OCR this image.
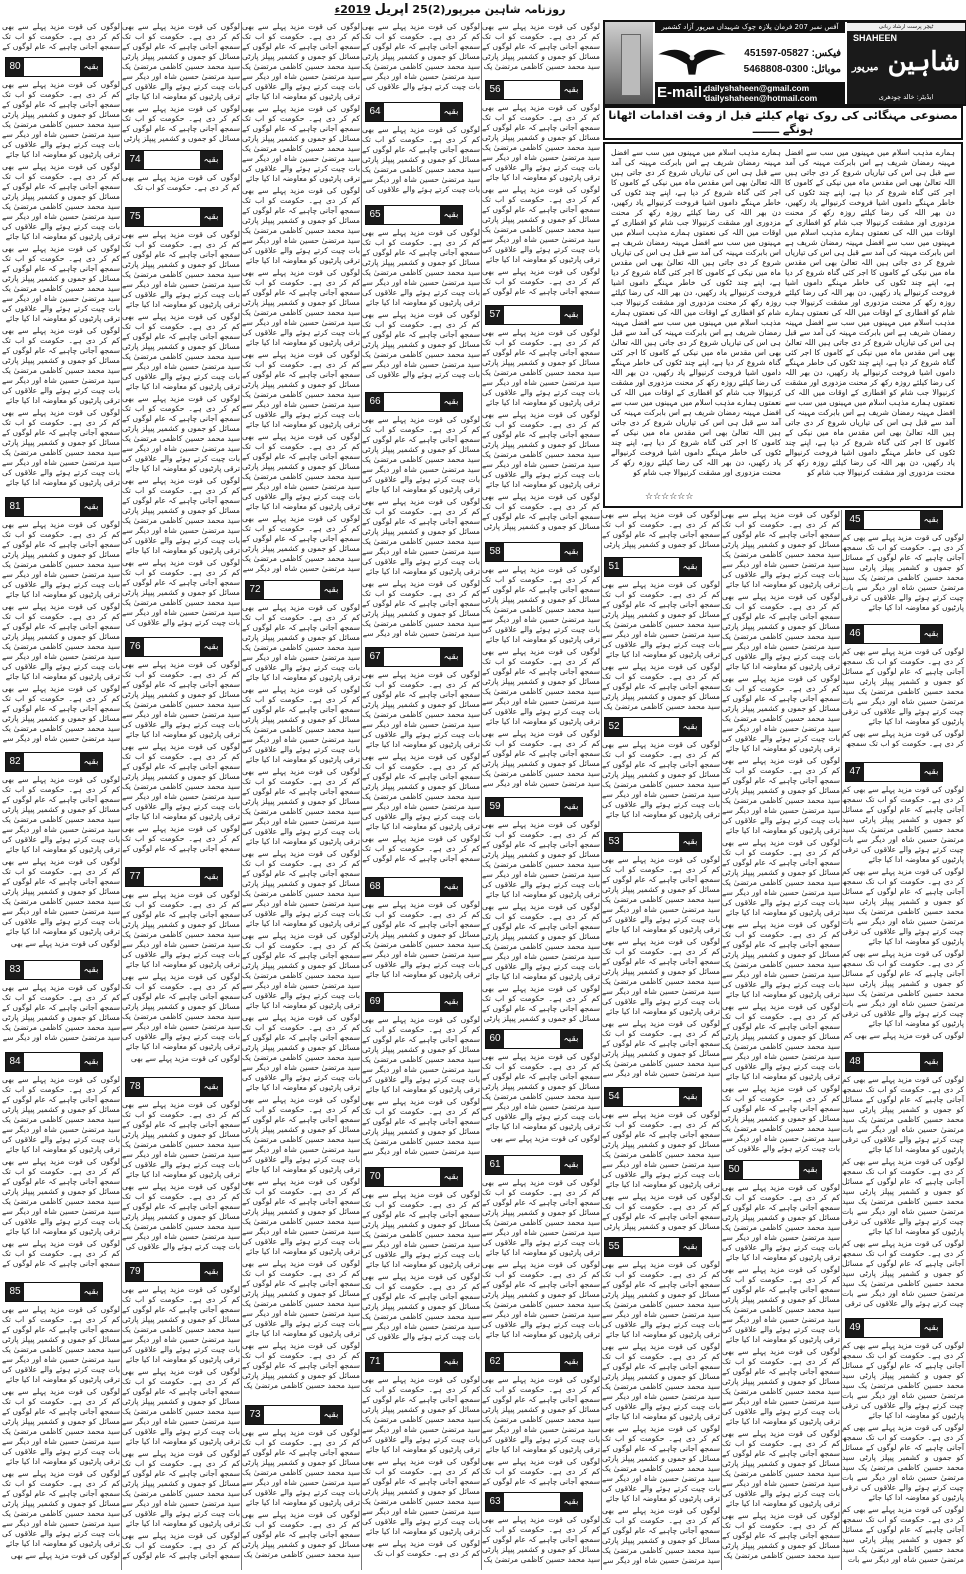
روزنامہ شاہین میرپور(2)25 اپریل 2019ء
ٹیچر پرست ارشاد ربانی
SHAHEEN
شاہین میرپور
ایڈیٹر: خالد چودھری
آفس نمبر 207 فرمان پلازہ چوک شہیداں میرپور آزاد کشمیر
فیکس: 05827-451597
موبائل: 0300-5468808
E-mail:
dailyshaheen@gmail.com
dailyshaheen@hotmail.com
مصنوعی مہنگائی کی روک تھام کیلئے قبل از وقت اقدامات اٹھانا ہونگے ـــــــ
ہمارے مذہب اسلام میں مہینوں میں سب سے افضل مہینہ رمضان شریف ہے اس بابرکت مہینہ کی آمد سے قبل ہی اس کی تیاریاں شروع کر دی جاتی ہیں اللہ تعالیٰ بھی اس مقدس ماہ میں نیکی کے کاموں کا اجر کئی گناہ شروع کر دیا ہے، اپنے چند ٹکوں کی خاطر مہنگے داموں اشیا فروخت کرنیوالے یاد رکھیں، دن بھر اللہ کی رضا کیلئے روزہ رکھ کر محنت مزدوری اور مشقت کرنیوالا جب شام کو افطاری کے اوقات میں اللہ کی نعمتوں ہمارے مذہب اسلام میں مہینوں میں سب سے افضل مہینہ رمضان شریف ہے اس بابرکت مہینہ کی آمد سے قبل ہی اس کی تیاریاں شروع کر دی جاتی ہیں اللہ تعالیٰ بھی اس مقدس ماہ میں نیکی کے کاموں کا اجر کئی گناہ شروع کر دیا ہے، اپنے چند ٹکوں کی خاطر مہنگے داموں اشیا فروخت کرنیوالے یاد رکھیں، دن بھر اللہ کی رضا کیلئے روزہ رکھ کر محنت مزدوری اور مشقت کرنیوالا جب شام کو افطاری کے اوقات میں اللہ کی نعمتوں ہمارے مذہب اسلام میں مہینوں میں سب سے افضل مہینہ رمضان شریف ہے اس بابرکت مہینہ کی آمد سے قبل ہی اس کی تیاریاں شروع کر دی جاتی ہیں اللہ تعالیٰ بھی اس مقدس ماہ میں نیکی کے کاموں کا اجر کئی گناہ شروع کر دیا ہے، اپنے چند ٹکوں کی خاطر مہنگے داموں اشیا فروخت کرنیوالے یاد رکھیں، دن بھر اللہ کی رضا کیلئے روزہ رکھ کر محنت مزدوری اور مشقت کرنیوالا جب شام کو افطاری کے اوقات میں اللہ کی نعمتوں ہمارے مذہب اسلام میں مہینوں میں سب سے افضل مہینہ رمضان شریف ہے اس بابرکت مہینہ کی آمد سے قبل ہی اس کی تیاریاں شروع کر دی جاتی ہیں اللہ تعالیٰ بھی اس مقدس ماہ میں نیکی کے کاموں کا اجر کئی گناہ شروع کر دیا ہے، اپنے چند ٹکوں کی خاطر مہنگے داموں اشیا فروخت کرنیوالے یاد رکھیں، دن بھر اللہ کی رضا کیلئے روزہ رکھ کر محنت مزدوری اور مشقت کرنیوالا جب شام کو
ہمارے مذہب اسلام میں مہینوں میں سب سے افضل مہینہ رمضان شریف ہے اس بابرکت مہینہ کی آمد سے قبل ہی اس کی تیاریاں شروع کر دی جاتی ہیں اللہ تعالیٰ بھی اس مقدس ماہ میں نیکی کے کاموں کا اجر کئی گناہ شروع کر دیا ہے، اپنے چند ٹکوں کی خاطر مہنگے داموں اشیا فروخت کرنیوالے یاد رکھیں، دن بھر اللہ کی رضا کیلئے روزہ رکھ کر محنت مزدوری اور مشقت کرنیوالا جب شام کو افطاری کے اوقات میں اللہ کی نعمتوں ہمارے مذہب اسلام میں مہینوں میں سب سے افضل مہینہ رمضان شریف ہے اس بابرکت مہینہ کی آمد سے قبل ہی اس کی تیاریاں شروع کر دی جاتی ہیں اللہ تعالیٰ بھی اس مقدس ماہ میں نیکی کے کاموں کا اجر کئی گناہ شروع کر دیا ہے، اپنے چند ٹکوں کی خاطر مہنگے داموں اشیا فروخت کرنیوالے یاد رکھیں، دن بھر اللہ کی رضا کیلئے روزہ رکھ کر محنت مزدوری اور مشقت کرنیوالا جب شام کو افطاری کے اوقات میں اللہ کی نعمتوں ہمارے مذہب اسلام میں مہینوں میں سب سے افضل مہینہ رمضان شریف ہے اس بابرکت مہینہ کی آمد سے قبل ہی اس کی تیاریاں شروع کر دی جاتی ہیں اللہ تعالیٰ بھی اس مقدس ماہ میں نیکی کے کاموں کا اجر کئی گناہ شروع کر دیا ہے، اپنے چند ٹکوں کی خاطر مہنگے داموں اشیا فروخت کرنیوالے یاد رکھیں، دن بھر اللہ کی رضا کیلئے روزہ رکھ کر محنت مزدوری اور مشقت کرنیوالا جب شام کو افطاری کے اوقات میں اللہ کی نعمتوں ہمارے مذہب اسلام میں مہینوں میں سب سے افضل مہینہ رمضان شریف ہے اس بابرکت مہینہ کی آمد سے قبل ہی اس کی تیاریاں شروع کر دی جاتی ہیں اللہ تعالیٰ بھی اس مقدس ماہ میں نیکی کے کاموں کا اجر کئی گناہ شروع کر دیا ہے، اپنے چند ٹکوں کی خاطر مہنگے داموں اشیا فروخت کرنیوالے یاد رکھیں، دن بھر اللہ کی رضا کیلئے روزہ رکھ کر محنت مزدوری اور مشقت کرنیوالا جب شام کو
☆☆☆☆☆☆

لوگوں کی قوت مزید پہلے سے بھی کم کر دی ہے۔ حکومت کو اب تک سمجھ آجانی چاہیے کہ عام لوگوں کے مسائل کو جموں و کشمیر پیپلز پارٹی سید محمد حسین کاظمی مرتضیٰ یک سید مرتضیٰ حسین شاہ اور دیگر سے بات چیت کرتے ہوئے والے علاقوں کی ترقی پارٹیوں کو معاوضہ ادا کیا جائے

لوگوں کی قوت مزید پہلے سے بھی کم کر دی ہے۔ حکومت کو اب تک سمجھ آجانی چاہیے کہ عام لوگوں کے مسائل کو جموں و کشمیر پیپلز پارٹی سید محمد حسین کاظمی مرتضیٰ یک سید مرتضیٰ حسین شاہ اور دیگر سے بات چیت کرتے ہوئے والے علاقوں کی ترقی پارٹیوں کو معاوضہ ادا کیا جائے

لوگوں کی قوت مزید پہلے سے بھی کم کر دی ہے۔ حکومت کو اب تک سمجھ

لوگوں کی قوت مزید پہلے سے بھی کم کر دی ہے۔ حکومت کو اب تک سمجھ آجانی چاہیے کہ عام لوگوں کے مسائل کو جموں و کشمیر پیپلز پارٹی سید محمد حسین کاظمی مرتضیٰ یک سید مرتضیٰ حسین شاہ اور دیگر سے بات چیت کرتے ہوئے والے علاقوں کی ترقی پارٹیوں کو معاوضہ ادا کیا جائے

لوگوں کی قوت مزید پہلے سے بھی کم کر دی ہے۔ حکومت کو اب تک سمجھ آجانی چاہیے کہ عام لوگوں کے مسائل کو جموں و کشمیر پیپلز پارٹی سید محمد حسین کاظمی مرتضیٰ یک سید مرتضیٰ حسین شاہ اور دیگر سے بات چیت کرتے ہوئے والے علاقوں کی ترقی پارٹیوں کو معاوضہ ادا کیا جائے

لوگوں کی قوت مزید پہلے سے بھی کم کر دی ہے۔ حکومت کو اب تک سمجھ آجانی چاہیے کہ عام لوگوں کے مسائل کو جموں و کشمیر پیپلز پارٹی سید محمد حسین کاظمی مرتضیٰ یک سید مرتضیٰ حسین شاہ اور دیگر سے بات چیت کرتے ہوئے والے علاقوں کی ترقی پارٹیوں کو معاوضہ ادا کیا جائے

لوگوں کی قوت مزید پہلے سے بھی کم

لوگوں کی قوت مزید پہلے سے بھی کم کر دی ہے۔ حکومت کو اب تک سمجھ آجانی چاہیے کہ عام لوگوں کے مسائل کو جموں و کشمیر پیپلز پارٹی سید محمد حسین کاظمی مرتضیٰ یک سید مرتضیٰ حسین شاہ اور دیگر سے بات چیت کرتے ہوئے والے علاقوں کی ترقی پارٹیوں کو معاوضہ ادا کیا جائے

لوگوں کی قوت مزید پہلے سے بھی کم کر دی ہے۔ حکومت کو اب تک سمجھ آجانی چاہیے کہ عام لوگوں کے مسائل کو جموں و کشمیر پیپلز پارٹی سید محمد حسین کاظمی مرتضیٰ یک سید مرتضیٰ حسین شاہ اور دیگر سے بات چیت کرتے ہوئے والے علاقوں کی ترقی پارٹیوں کو معاوضہ ادا کیا جائے

لوگوں کی قوت مزید پہلے سے بھی کم کر دی ہے۔ حکومت کو اب تک سمجھ آجانی چاہیے کہ عام لوگوں کے مسائل کو جموں و کشمیر پیپلز پارٹی سید محمد حسین کاظمی مرتضیٰ یک سید مرتضیٰ حسین شاہ اور دیگر سے بات چیت کرتے ہوئے والے علاقوں کی ترقی

لوگوں کی قوت مزید پہلے سے بھی کم کر دی ہے۔ حکومت کو اب تک سمجھ آجانی چاہیے کہ عام لوگوں کے مسائل کو جموں و کشمیر پیپلز پارٹی سید محمد حسین کاظمی مرتضیٰ یک سید مرتضیٰ حسین شاہ اور دیگر سے بات چیت کرتے ہوئے والے علاقوں کی ترقی پارٹیوں کو معاوضہ ادا کیا جائے

لوگوں کی قوت مزید پہلے سے بھی کم کر دی ہے۔ حکومت کو اب تک سمجھ آجانی چاہیے کہ عام لوگوں کے مسائل کو جموں و کشمیر پیپلز پارٹی سید محمد حسین کاظمی مرتضیٰ یک سید مرتضیٰ حسین شاہ اور دیگر سے بات چیت کرتے ہوئے والے علاقوں کی ترقی پارٹیوں کو معاوضہ ادا کیا جائے

لوگوں کی قوت مزید پہلے سے بھی کم کر دی ہے۔ حکومت کو اب تک سمجھ آجانی چاہیے کہ عام لوگوں کے مسائل کو جموں و کشمیر پیپلز پارٹی سید محمد حسین کاظمی مرتضیٰ یک سید مرتضیٰ حسین شاہ اور دیگر سے بات

45	بقیہ
46	بقیہ
47	بقیہ
48	بقیہ
49	بقیہ

لوگوں کی قوت مزید پہلے سے بھی کم کر دی ہے۔ حکومت کو اب تک سمجھ آجانی چاہیے کہ عام لوگوں کے مسائل کو جموں و کشمیر پیپلز پارٹی سید محمد حسین کاظمی مرتضیٰ یک سید مرتضیٰ حسین شاہ اور دیگر سے بات چیت کرتے ہوئے والے علاقوں کی ترقی پارٹیوں کو معاوضہ ادا کیا جائے

لوگوں کی قوت مزید پہلے سے بھی کم کر دی ہے۔ حکومت کو اب تک سمجھ آجانی چاہیے کہ عام لوگوں کے مسائل کو جموں و کشمیر پیپلز پارٹی سید محمد حسین کاظمی مرتضیٰ یک سید مرتضیٰ حسین شاہ اور دیگر سے بات چیت کرتے ہوئے والے علاقوں کی ترقی پارٹیوں کو معاوضہ ادا کیا جائے

لوگوں کی قوت مزید پہلے سے بھی کم کر دی ہے۔ حکومت کو اب تک سمجھ آجانی چاہیے کہ عام لوگوں کے مسائل کو جموں و کشمیر پیپلز پارٹی سید محمد حسین کاظمی مرتضیٰ یک سید مرتضیٰ حسین شاہ اور دیگر سے بات چیت کرتے ہوئے والے علاقوں کی ترقی پارٹیوں کو معاوضہ ادا کیا جائے

لوگوں کی قوت مزید پہلے سے بھی کم کر دی ہے۔ حکومت کو اب تک سمجھ آجانی چاہیے کہ عام لوگوں کے مسائل کو جموں و کشمیر پیپلز پارٹی سید محمد حسین کاظمی مرتضیٰ یک سید مرتضیٰ حسین شاہ اور دیگر سے بات چیت کرتے ہوئے والے علاقوں کی ترقی پارٹیوں کو معاوضہ ادا کیا جائے

لوگوں کی قوت مزید پہلے سے بھی کم کر دی ہے۔ حکومت کو اب تک سمجھ آجانی چاہیے کہ عام لوگوں کے مسائل کو جموں و کشمیر پیپلز پارٹی سید محمد حسین کاظمی مرتضیٰ یک سید مرتضیٰ حسین شاہ اور دیگر سے بات چیت کرتے ہوئے والے علاقوں کی ترقی پارٹیوں کو معاوضہ ادا کیا جائے

لوگوں کی قوت مزید پہلے سے بھی کم کر دی ہے۔ حکومت کو اب تک سمجھ آجانی چاہیے کہ عام لوگوں کے مسائل کو جموں و کشمیر پیپلز پارٹی سید محمد حسین کاظمی مرتضیٰ یک سید مرتضیٰ حسین شاہ اور دیگر سے بات چیت کرتے ہوئے والے علاقوں کی ترقی پارٹیوں کو معاوضہ ادا کیا جائے

لوگوں کی قوت مزید پہلے سے بھی کم کر دی ہے۔ حکومت کو اب تک سمجھ آجانی چاہیے کہ عام لوگوں کے مسائل کو جموں و کشمیر پیپلز پارٹی سید محمد حسین کاظمی مرتضیٰ یک سید مرتضیٰ حسین شاہ اور دیگر سے بات چیت کرتے ہوئے والے علاقوں کی ترقی پارٹیوں کو معاوضہ ادا کیا جائے

لوگوں کی قوت مزید پہلے سے بھی کم کر دی ہے۔ حکومت کو اب تک سمجھ آجانی چاہیے کہ عام لوگوں کے مسائل کو جموں و کشمیر پیپلز پارٹی سید محمد حسین کاظمی مرتضیٰ یک سید مرتضیٰ حسین شاہ اور دیگر سے بات چیت کرتے ہوئے والے علاقوں کی

لوگوں کی قوت مزید پہلے سے بھی کم کر دی ہے۔ حکومت کو اب تک سمجھ آجانی چاہیے کہ عام لوگوں کے مسائل کو جموں و کشمیر پیپلز پارٹی سید محمد حسین کاظمی مرتضیٰ یک سید مرتضیٰ حسین شاہ اور دیگر سے بات چیت کرتے ہوئے والے علاقوں کی ترقی پارٹیوں کو معاوضہ ادا کیا جائے

لوگوں کی قوت مزید پہلے سے بھی کم کر دی ہے۔ حکومت کو اب تک سمجھ آجانی چاہیے کہ عام لوگوں کے مسائل کو جموں و کشمیر پیپلز پارٹی سید محمد حسین کاظمی مرتضیٰ یک سید مرتضیٰ حسین شاہ اور دیگر سے بات چیت کرتے ہوئے والے علاقوں کی ترقی پارٹیوں کو معاوضہ ادا کیا جائے

لوگوں کی قوت مزید پہلے سے بھی کم کر دی ہے۔ حکومت کو اب تک سمجھ آجانی چاہیے کہ عام لوگوں کے مسائل کو جموں و کشمیر پیپلز پارٹی سید محمد حسین کاظمی مرتضیٰ یک سید مرتضیٰ حسین شاہ اور دیگر سے بات چیت کرتے ہوئے والے علاقوں کی ترقی پارٹیوں کو معاوضہ ادا کیا جائے

لوگوں کی قوت مزید پہلے سے بھی کم کر دی ہے۔ حکومت کو اب تک سمجھ آجانی چاہیے کہ عام لوگوں کے مسائل کو جموں و کشمیر پیپلز پارٹی سید محمد حسین کاظمی مرتضیٰ یک سید مرتضیٰ حسین شاہ اور دیگر سے بات چیت کرتے ہوئے والے علاقوں کی ترقی پارٹیوں کو معاوضہ ادا کیا جائے

لوگوں کی قوت مزید پہلے سے بھی کم کر دی ہے۔ حکومت کو اب تک سمجھ آجانی چاہیے کہ عام لوگوں کے مسائل کو جموں و کشمیر پیپلز پارٹی سید محمد حسین کاظمی مرتضیٰ یک

50	بقیہ

لوگوں کی قوت مزید پہلے سے بھی کم کر دی ہے۔ حکومت کو اب تک سمجھ آجانی چاہیے کہ عام لوگوں کے مسائل کو جموں و کشمیر پیپلز پارٹی

لوگوں کی قوت مزید پہلے سے بھی کم کر دی ہے۔ حکومت کو اب تک سمجھ آجانی چاہیے کہ عام لوگوں کے مسائل کو جموں و کشمیر پیپلز پارٹی سید محمد حسین کاظمی مرتضیٰ یک سید مرتضیٰ حسین شاہ اور دیگر سے بات چیت کرتے ہوئے والے علاقوں کی ترقی پارٹیوں کو معاوضہ ادا کیا جائے

لوگوں کی قوت مزید پہلے سے بھی کم کر دی ہے۔ حکومت کو اب تک سمجھ آجانی چاہیے کہ عام لوگوں کے مسائل کو جموں و کشمیر پیپلز پارٹی سید محمد حسین کاظمی مرتضیٰ یک

لوگوں کی قوت مزید پہلے سے بھی کم کر دی ہے۔ حکومت کو اب تک سمجھ آجانی چاہیے کہ عام لوگوں کے مسائل کو جموں و کشمیر پیپلز پارٹی سید محمد حسین کاظمی مرتضیٰ یک سید مرتضیٰ حسین شاہ اور دیگر سے بات چیت کرتے ہوئے والے علاقوں کی ترقی پارٹیوں کو معاوضہ ادا کیا جائے

لوگوں کی قوت مزید پہلے سے بھی کم کر دی ہے۔ حکومت کو اب تک سمجھ آجانی چاہیے کہ عام لوگوں کے مسائل کو جموں و کشمیر پیپلز پارٹی سید محمد حسین کاظمی مرتضیٰ یک سید مرتضیٰ حسین شاہ اور دیگر سے بات چیت کرتے ہوئے والے علاقوں کی ترقی پارٹیوں کو معاوضہ ادا کیا جائے

لوگوں کی قوت مزید پہلے سے بھی کم کر دی ہے۔ حکومت کو اب تک سمجھ آجانی چاہیے کہ عام لوگوں کے مسائل کو جموں و کشمیر پیپلز پارٹی سید محمد حسین کاظمی مرتضیٰ یک سید مرتضیٰ حسین شاہ اور دیگر سے بات چیت کرتے ہوئے والے علاقوں کی ترقی پارٹیوں کو معاوضہ ادا کیا جائے

لوگوں کی قوت مزید پہلے سے بھی کم کر دی ہے۔ حکومت کو اب تک سمجھ آجانی چاہیے کہ عام لوگوں کے مسائل کو جموں و کشمیر پیپلز پارٹی سید محمد حسین کاظمی مرتضیٰ یک سید مرتضیٰ حسین شاہ اور دیگر سے

لوگوں کی قوت مزید پہلے سے بھی کم کر دی ہے۔ حکومت کو اب تک سمجھ آجانی چاہیے کہ عام لوگوں کے مسائل کو جموں و کشمیر پیپلز پارٹی سید محمد حسین کاظمی مرتضیٰ یک سید مرتضیٰ حسین شاہ اور دیگر سے بات چیت کرتے ہوئے والے علاقوں کی ترقی پارٹیوں کو معاوضہ ادا کیا جائے

لوگوں کی قوت مزید پہلے سے بھی کم کر دی ہے۔ حکومت کو اب تک سمجھ آجانی چاہیے کہ عام لوگوں کے مسائل کو جموں و کشمیر پیپلز پارٹی

لوگوں کی قوت مزید پہلے سے بھی کم کر دی ہے۔ حکومت کو اب تک سمجھ آجانی چاہیے کہ عام لوگوں کے مسائل کو جموں و کشمیر پیپلز پارٹی سید محمد حسین کاظمی مرتضیٰ یک سید مرتضیٰ حسین شاہ اور دیگر سے بات چیت کرتے ہوئے والے علاقوں کی ترقی پارٹیوں کو معاوضہ ادا کیا جائے

لوگوں کی قوت مزید پہلے سے بھی کم کر دی ہے۔ حکومت کو اب تک سمجھ آجانی چاہیے کہ عام لوگوں کے مسائل کو جموں و کشمیر پیپلز پارٹی سید محمد حسین کاظمی مرتضیٰ یک سید مرتضیٰ حسین شاہ اور دیگر سے بات چیت کرتے ہوئے والے علاقوں کی ترقی پارٹیوں کو معاوضہ ادا کیا جائے

لوگوں کی قوت مزید پہلے سے بھی کم کر دی ہے۔ حکومت کو اب تک سمجھ آجانی چاہیے کہ عام لوگوں کے مسائل کو جموں و کشمیر پیپلز پارٹی سید محمد حسین کاظمی مرتضیٰ یک سید مرتضیٰ حسین شاہ اور دیگر سے بات چیت کرتے ہوئے والے علاقوں کی ترقی پارٹیوں کو معاوضہ ادا کیا جائے

لوگوں کی قوت مزید پہلے سے بھی کم کر دی ہے۔ حکومت کو اب تک سمجھ آجانی چاہیے کہ عام لوگوں کے مسائل کو جموں و کشمیر پیپلز پارٹی سید محمد حسین کاظمی مرتضیٰ یک سید مرتضیٰ حسین شاہ اور دیگر سے

51	بقیہ
52	بقیہ
53	بقیہ
54	بقیہ
55	بقیہ

لوگوں کی قوت مزید پہلے سے بھی کم کر دی ہے۔ حکومت کو اب تک سمجھ آجانی چاہیے کہ عام لوگوں کے مسائل کو جموں و کشمیر پیپلز پارٹی سید محمد حسین کاظمی مرتضیٰ یک

لوگوں کی قوت مزید پہلے سے بھی کم کر دی ہے۔ حکومت کو اب تک سمجھ آجانی چاہیے کہ عام لوگوں کے مسائل کو جموں و کشمیر پیپلز پارٹی سید محمد حسین کاظمی مرتضیٰ یک سید مرتضیٰ حسین شاہ اور دیگر سے بات چیت کرتے ہوئے والے علاقوں کی ترقی پارٹیوں کو معاوضہ ادا کیا جائے

لوگوں کی قوت مزید پہلے سے بھی کم کر دی ہے۔ حکومت کو اب تک سمجھ آجانی چاہیے کہ عام لوگوں کے مسائل کو جموں و کشمیر پیپلز پارٹی سید محمد حسین کاظمی مرتضیٰ یک سید مرتضیٰ حسین شاہ اور دیگر سے بات چیت کرتے ہوئے والے علاقوں کی ترقی پارٹیوں کو معاوضہ ادا کیا جائے

لوگوں کی قوت مزید پہلے سے بھی کم کر دی ہے۔ حکومت کو اب تک سمجھ آجانی چاہیے کہ عام لوگوں کے

لوگوں کی قوت مزید پہلے سے بھی کم کر دی ہے۔ حکومت کو اب تک سمجھ آجانی چاہیے کہ عام لوگوں کے مسائل کو جموں و کشمیر پیپلز پارٹی سید محمد حسین کاظمی مرتضیٰ یک سید مرتضیٰ حسین شاہ اور دیگر سے بات چیت کرتے ہوئے والے علاقوں کی ترقی پارٹیوں کو معاوضہ ادا کیا جائے

لوگوں کی قوت مزید پہلے سے بھی کم کر دی ہے۔ حکومت کو اب تک سمجھ آجانی چاہیے کہ عام لوگوں کے مسائل کو جموں و کشمیر پیپلز پارٹی سید محمد حسین کاظمی مرتضیٰ یک سید مرتضیٰ حسین شاہ اور دیگر سے بات چیت کرتے ہوئے والے علاقوں کی ترقی پارٹیوں کو معاوضہ ادا کیا جائے

لوگوں کی قوت مزید پہلے سے بھی کم کر دی ہے۔ حکومت کو اب تک سمجھ آجانی چاہیے کہ عام لوگوں کے مسائل کو جموں و کشمیر پیپلز پارٹی

لوگوں کی قوت مزید پہلے سے بھی کم کر دی ہے۔ حکومت کو اب تک سمجھ آجانی چاہیے کہ عام لوگوں کے مسائل کو جموں و کشمیر پیپلز پارٹی سید محمد حسین کاظمی مرتضیٰ یک سید مرتضیٰ حسین شاہ اور دیگر سے بات چیت کرتے ہوئے والے علاقوں کی ترقی پارٹیوں کو معاوضہ ادا کیا جائے

لوگوں کی قوت مزید پہلے سے بھی کم کر دی ہے۔ حکومت کو اب تک سمجھ آجانی چاہیے کہ عام لوگوں کے مسائل کو جموں و کشمیر پیپلز پارٹی سید محمد حسین کاظمی مرتضیٰ یک سید مرتضیٰ حسین شاہ اور دیگر سے بات چیت کرتے ہوئے والے علاقوں کی ترقی پارٹیوں کو معاوضہ ادا کیا جائے

لوگوں کی قوت مزید پہلے سے بھی کم کر دی ہے۔ حکومت کو اب تک سمجھ آجانی چاہیے کہ عام لوگوں کے مسائل کو جموں و کشمیر پیپلز پارٹی سید محمد حسین کاظمی مرتضیٰ یک سید مرتضیٰ حسین شاہ اور دیگر سے

لوگوں کی قوت مزید پہلے سے بھی کم کر دی ہے۔ حکومت کو اب تک سمجھ آجانی چاہیے کہ عام لوگوں کے مسائل کو جموں و کشمیر پیپلز پارٹی سید محمد حسین کاظمی مرتضیٰ یک سید مرتضیٰ حسین شاہ اور دیگر سے بات چیت کرتے ہوئے والے علاقوں کی ترقی پارٹیوں کو معاوضہ ادا کیا جائے

لوگوں کی قوت مزید پہلے سے بھی کم کر دی ہے۔ حکومت کو اب تک سمجھ آجانی چاہیے کہ عام لوگوں کے مسائل کو جموں و کشمیر پیپلز پارٹی سید محمد حسین کاظمی مرتضیٰ یک سید مرتضیٰ حسین شاہ اور دیگر سے بات چیت کرتے ہوئے والے علاقوں کی ترقی پارٹیوں کو معاوضہ ادا کیا جائے

لوگوں کی قوت مزید پہلے سے بھی کم کر دی ہے۔ حکومت کو اب تک سمجھ آجانی چاہیے کہ عام لوگوں کے مسائل کو جموں و کشمیر پیپلز پارٹی

لوگوں کی قوت مزید پہلے سے بھی کم کر دی ہے۔ حکومت کو اب تک سمجھ آجانی چاہیے کہ عام لوگوں کے مسائل کو جموں و کشمیر پیپلز پارٹی سید محمد حسین کاظمی مرتضیٰ یک سید مرتضیٰ حسین شاہ اور دیگر سے بات چیت کرتے ہوئے والے علاقوں کی ترقی پارٹیوں کو معاوضہ ادا کیا جائے

لوگوں کی قوت مزید پہلے سے بھی

لوگوں کی قوت مزید پہلے سے بھی کم کر دی ہے۔ حکومت کو اب تک سمجھ آجانی چاہیے کہ عام لوگوں کے مسائل کو جموں و کشمیر پیپلز پارٹی سید محمد حسین کاظمی مرتضیٰ یک سید مرتضیٰ حسین شاہ اور دیگر سے بات چیت کرتے ہوئے والے علاقوں کی ترقی پارٹیوں کو معاوضہ ادا کیا جائے

لوگوں کی قوت مزید پہلے سے بھی کم کر دی ہے۔ حکومت کو اب تک سمجھ آجانی چاہیے کہ عام لوگوں کے مسائل کو جموں و کشمیر پیپلز پارٹی سید محمد حسین کاظمی مرتضیٰ یک سید مرتضیٰ حسین شاہ اور دیگر سے بات چیت کرتے ہوئے والے علاقوں کی ترقی پارٹیوں کو معاوضہ ادا کیا جائے

لوگوں کی قوت مزید پہلے سے بھی کم کر دی ہے۔ حکومت کو اب تک سمجھ آجانی چاہیے کہ عام لوگوں کے مسائل کو جموں و کشمیر پیپلز پارٹی سید محمد حسین کاظمی مرتضیٰ یک سید مرتضیٰ حسین شاہ اور دیگر سے بات چیت کرتے ہوئے والے علاقوں کی ترقی پارٹیوں کو معاوضہ ادا کیا جائے

لوگوں کی قوت مزید پہلے سے بھی کم کر دی ہے۔ حکومت کو اب تک سمجھ آجانی چاہیے کہ عام لوگوں کے

لوگوں کی قوت مزید پہلے سے بھی کم کر دی ہے۔ حکومت کو اب تک سمجھ آجانی چاہیے کہ عام لوگوں کے مسائل کو جموں و کشمیر پیپلز پارٹی سید محمد حسین کاظمی مرتضیٰ یک

56	بقیہ
57	بقیہ
58	بقیہ
59	بقیہ
60	بقیہ
61	بقیہ
62	بقیہ
63	بقیہ

لوگوں کی قوت مزید پہلے سے بھی کم کر دی ہے۔ حکومت کو اب تک سمجھ آجانی چاہیے کہ عام لوگوں کے مسائل کو جموں و کشمیر پیپلز پارٹی سید محمد حسین کاظمی مرتضیٰ یک سید مرتضیٰ حسین شاہ اور دیگر سے بات چیت کرتے ہوئے والے علاقوں کی

لوگوں کی قوت مزید پہلے سے بھی کم کر دی ہے۔ حکومت کو اب تک سمجھ آجانی چاہیے کہ عام لوگوں کے مسائل کو جموں و کشمیر پیپلز پارٹی سید محمد حسین کاظمی مرتضیٰ یک سید مرتضیٰ حسین شاہ اور دیگر سے بات چیت کرتے ہوئے والے علاقوں کی

لوگوں کی قوت مزید پہلے سے بھی کم کر دی ہے۔ حکومت کو اب تک سمجھ آجانی چاہیے کہ عام لوگوں کے مسائل کو جموں و کشمیر پیپلز پارٹی سید محمد حسین کاظمی مرتضیٰ یک سید مرتضیٰ حسین شاہ اور دیگر سے بات چیت کرتے ہوئے والے علاقوں کی ترقی پارٹیوں کو معاوضہ ادا کیا جائے

لوگوں کی قوت مزید پہلے سے بھی کم کر دی ہے۔ حکومت کو اب تک سمجھ آجانی چاہیے کہ عام لوگوں کے مسائل کو جموں و کشمیر پیپلز پارٹی سید محمد حسین کاظمی مرتضیٰ یک سید مرتضیٰ حسین شاہ اور دیگر سے بات چیت کرتے ہوئے والے علاقوں کی

لوگوں کی قوت مزید پہلے سے بھی کم کر دی ہے۔ حکومت کو اب تک سمجھ آجانی چاہیے کہ عام لوگوں کے مسائل کو جموں و کشمیر پیپلز پارٹی سید محمد حسین کاظمی مرتضیٰ یک سید مرتضیٰ حسین شاہ اور دیگر سے بات چیت کرتے ہوئے والے علاقوں کی ترقی پارٹیوں کو معاوضہ ادا کیا جائے

لوگوں کی قوت مزید پہلے سے بھی کم کر دی ہے۔ حکومت کو اب تک سمجھ آجانی چاہیے کہ عام لوگوں کے مسائل کو جموں و کشمیر پیپلز پارٹی سید محمد حسین کاظمی مرتضیٰ یک سید مرتضیٰ حسین شاہ اور دیگر سے بات چیت کرتے ہوئے والے علاقوں کی ترقی پارٹیوں کو معاوضہ ادا کیا جائے

لوگوں کی قوت مزید پہلے سے بھی کم کر دی ہے۔ حکومت کو اب تک سمجھ آجانی چاہیے کہ عام لوگوں کے مسائل کو جموں و کشمیر پیپلز پارٹی سید محمد حسین کاظمی مرتضیٰ یک سید مرتضیٰ حسین شاہ اور دیگر سے

لوگوں کی قوت مزید پہلے سے بھی کم کر دی ہے۔ حکومت کو اب تک سمجھ آجانی چاہیے کہ عام لوگوں کے مسائل کو جموں و کشمیر پیپلز پارٹی سید محمد حسین کاظمی مرتضیٰ یک سید مرتضیٰ حسین شاہ اور دیگر سے بات چیت کرتے ہوئے والے علاقوں کی ترقی پارٹیوں کو معاوضہ ادا کیا جائے

لوگوں کی قوت مزید پہلے سے بھی کم کر دی ہے۔ حکومت کو اب تک سمجھ آجانی چاہیے کہ عام لوگوں کے مسائل کو جموں و کشمیر پیپلز پارٹی سید محمد حسین کاظمی مرتضیٰ یک سید مرتضیٰ حسین شاہ اور دیگر سے بات چیت کرتے ہوئے والے علاقوں کی ترقی پارٹیوں کو معاوضہ ادا کیا جائے

لوگوں کی قوت مزید پہلے سے بھی کم کر دی ہے۔ حکومت کو اب تک سمجھ آجانی چاہیے کہ عام لوگوں کے

لوگوں کی قوت مزید پہلے سے بھی کم کر دی ہے۔ حکومت کو اب تک سمجھ آجانی چاہیے کہ عام لوگوں کے مسائل کو جموں و کشمیر پیپلز پارٹی سید محمد حسین کاظمی مرتضیٰ یک سید مرتضیٰ حسین شاہ اور دیگر سے بات چیت کرتے ہوئے والے علاقوں کی ترقی پارٹیوں کو معاوضہ ادا کیا جائے

لوگوں کی قوت مزید پہلے سے بھی کم کر دی ہے۔ حکومت کو اب تک سمجھ آجانی چاہیے کہ عام لوگوں کے مسائل کو جموں و کشمیر پیپلز پارٹی سید محمد حسین کاظمی مرتضیٰ یک سید مرتضیٰ حسین شاہ اور دیگر سے بات چیت کرتے ہوئے والے علاقوں کی ترقی پارٹیوں کو معاوضہ ادا کیا جائے

لوگوں کی قوت مزید پہلے سے بھی کم کر دی ہے۔ حکومت کو اب تک سمجھ آجانی چاہیے کہ عام لوگوں کے مسائل کو جموں و کشمیر پیپلز پارٹی سید محمد حسین کاظمی مرتضیٰ یک سید مرتضیٰ حسین شاہ اور دیگر سے

لوگوں کی قوت مزید پہلے سے بھی کم کر دی ہے۔ حکومت کو اب تک سمجھ آجانی چاہیے کہ عام لوگوں کے مسائل کو جموں و کشمیر پیپلز پارٹی سید محمد حسین کاظمی مرتضیٰ یک سید مرتضیٰ حسین شاہ اور دیگر سے بات چیت کرتے ہوئے والے علاقوں کی ترقی پارٹیوں کو معاوضہ ادا کیا جائے

لوگوں کی قوت مزید پہلے سے بھی کم کر دی ہے۔ حکومت کو اب تک سمجھ آجانی چاہیے کہ عام لوگوں کے مسائل کو جموں و کشمیر پیپلز پارٹی سید محمد حسین کاظمی مرتضیٰ یک سید مرتضیٰ حسین شاہ اور دیگر سے بات چیت کرتے ہوئے والے علاقوں کی

لوگوں کی قوت مزید پہلے سے بھی کم کر دی ہے۔ حکومت کو اب تک سمجھ آجانی چاہیے کہ عام لوگوں کے مسائل کو جموں و کشمیر پیپلز پارٹی سید محمد حسین کاظمی مرتضیٰ یک سید مرتضیٰ حسین شاہ اور دیگر سے بات چیت کرتے ہوئے والے علاقوں کی ترقی پارٹیوں کو معاوضہ ادا کیا جائے

لوگوں کی قوت مزید پہلے سے بھی کم کر دی ہے۔ حکومت کو اب تک سمجھ آجانی چاہیے کہ عام لوگوں کے مسائل کو جموں و کشمیر پیپلز پارٹی سید محمد حسین کاظمی مرتضیٰ یک سید مرتضیٰ حسین شاہ اور دیگر سے بات چیت کرتے ہوئے والے علاقوں کی ترقی پارٹیوں کو معاوضہ ادا کیا جائے

لوگوں کی قوت مزید پہلے سے بھی کم کر دی ہے۔ حکومت کو اب تک

64	بقیہ
65	بقیہ
66	بقیہ
67	بقیہ
68	بقیہ
69	بقیہ
70	بقیہ
71	بقیہ

لوگوں کی قوت مزید پہلے سے بھی کم کر دی ہے۔ حکومت کو اب تک سمجھ آجانی چاہیے کہ عام لوگوں کے مسائل کو جموں و کشمیر پیپلز پارٹی سید محمد حسین کاظمی مرتضیٰ یک سید مرتضیٰ حسین شاہ اور دیگر سے بات چیت کرتے ہوئے والے علاقوں کی ترقی پارٹیوں کو معاوضہ ادا کیا جائے

لوگوں کی قوت مزید پہلے سے بھی کم کر دی ہے۔ حکومت کو اب تک سمجھ آجانی چاہیے کہ عام لوگوں کے مسائل کو جموں و کشمیر پیپلز پارٹی سید محمد حسین کاظمی مرتضیٰ یک سید مرتضیٰ حسین شاہ اور دیگر سے بات چیت کرتے ہوئے والے علاقوں کی ترقی پارٹیوں کو معاوضہ ادا کیا جائے

لوگوں کی قوت مزید پہلے سے بھی کم کر دی ہے۔ حکومت کو اب تک سمجھ آجانی چاہیے کہ عام لوگوں کے مسائل کو جموں و کشمیر پیپلز پارٹی سید محمد حسین کاظمی مرتضیٰ یک سید مرتضیٰ حسین شاہ اور دیگر سے بات چیت کرتے ہوئے والے علاقوں کی ترقی پارٹیوں کو معاوضہ ادا کیا جائے

لوگوں کی قوت مزید پہلے سے بھی کم کر دی ہے۔ حکومت کو اب تک سمجھ آجانی چاہیے کہ عام لوگوں کے مسائل کو جموں و کشمیر پیپلز پارٹی سید محمد حسین کاظمی مرتضیٰ یک سید مرتضیٰ حسین شاہ اور دیگر سے بات چیت کرتے ہوئے والے علاقوں کی ترقی پارٹیوں کو معاوضہ ادا کیا جائے

لوگوں کی قوت مزید پہلے سے بھی کم کر دی ہے۔ حکومت کو اب تک سمجھ آجانی چاہیے کہ عام لوگوں کے مسائل کو جموں و کشمیر پیپلز پارٹی سید محمد حسین کاظمی مرتضیٰ یک سید مرتضیٰ حسین شاہ اور دیگر سے بات چیت کرتے ہوئے والے علاقوں کی ترقی پارٹیوں کو معاوضہ ادا کیا جائے

لوگوں کی قوت مزید پہلے سے بھی کم کر دی ہے۔ حکومت کو اب تک سمجھ آجانی چاہیے کہ عام لوگوں کے مسائل کو جموں و کشمیر پیپلز پارٹی سید محمد حسین کاظمی مرتضیٰ یک سید مرتضیٰ حسین شاہ اور دیگر سے بات چیت کرتے ہوئے والے علاقوں کی ترقی پارٹیوں کو معاوضہ ادا کیا جائے

لوگوں کی قوت مزید پہلے سے بھی کم کر دی ہے۔ حکومت کو اب تک سمجھ آجانی چاہیے کہ عام لوگوں کے مسائل کو جموں و کشمیر پیپلز پارٹی سید محمد حسین کاظمی مرتضیٰ یک سید مرتضیٰ حسین شاہ اور دیگر سے

لوگوں کی قوت مزید پہلے سے بھی کم کر دی ہے۔ حکومت کو اب تک سمجھ آجانی چاہیے کہ عام لوگوں کے مسائل کو جموں و کشمیر پیپلز پارٹی سید محمد حسین کاظمی مرتضیٰ یک سید مرتضیٰ حسین شاہ اور دیگر سے بات چیت کرتے ہوئے والے علاقوں کی ترقی پارٹیوں کو معاوضہ ادا کیا جائے

لوگوں کی قوت مزید پہلے سے بھی کم کر دی ہے۔ حکومت کو اب تک سمجھ آجانی چاہیے کہ عام لوگوں کے مسائل کو جموں و کشمیر پیپلز پارٹی سید محمد حسین کاظمی مرتضیٰ یک سید مرتضیٰ حسین شاہ اور دیگر سے بات چیت کرتے ہوئے والے علاقوں کی ترقی پارٹیوں کو معاوضہ ادا کیا جائے

لوگوں کی قوت مزید پہلے سے بھی کم کر دی ہے۔ حکومت کو اب تک سمجھ آجانی چاہیے کہ عام لوگوں کے مسائل کو جموں و کشمیر پیپلز پارٹی سید محمد حسین کاظمی مرتضیٰ یک سید مرتضیٰ حسین شاہ اور دیگر سے بات چیت کرتے ہوئے والے علاقوں کی ترقی پارٹیوں کو معاوضہ ادا کیا جائے

لوگوں کی قوت مزید پہلے سے بھی کم کر دی ہے۔ حکومت کو اب تک سمجھ آجانی چاہیے کہ عام لوگوں کے مسائل کو جموں و کشمیر پیپلز پارٹی سید محمد حسین کاظمی مرتضیٰ یک سید مرتضیٰ حسین شاہ اور دیگر سے بات چیت کرتے ہوئے والے علاقوں کی ترقی پارٹیوں کو معاوضہ ادا کیا جائے

لوگوں کی قوت مزید پہلے سے بھی کم کر دی ہے۔ حکومت کو اب تک سمجھ آجانی چاہیے کہ عام لوگوں کے مسائل کو جموں و کشمیر پیپلز پارٹی سید محمد حسین کاظمی مرتضیٰ یک سید مرتضیٰ حسین شاہ اور دیگر سے بات چیت کرتے ہوئے والے علاقوں کی ترقی پارٹیوں کو معاوضہ ادا کیا جائے

لوگوں کی قوت مزید پہلے سے بھی کم کر دی ہے۔ حکومت کو اب تک سمجھ آجانی چاہیے کہ عام لوگوں کے مسائل کو جموں و کشمیر پیپلز پارٹی سید محمد حسین کاظمی مرتضیٰ یک سید مرتضیٰ حسین شاہ اور دیگر سے بات چیت کرتے ہوئے والے علاقوں کی ترقی پارٹیوں کو معاوضہ ادا کیا جائے

لوگوں کی قوت مزید پہلے سے بھی کم کر دی ہے۔ حکومت کو اب تک سمجھ آجانی چاہیے کہ عام لوگوں کے مسائل کو جموں و کشمیر پیپلز پارٹی سید محمد حسین کاظمی مرتضیٰ یک سید مرتضیٰ حسین شاہ اور دیگر سے بات چیت کرتے ہوئے والے علاقوں کی ترقی پارٹیوں کو معاوضہ ادا کیا جائے

لوگوں کی قوت مزید پہلے سے بھی کم کر دی ہے۔ حکومت کو اب تک سمجھ آجانی چاہیے کہ عام لوگوں کے مسائل کو جموں و کشمیر پیپلز پارٹی سید محمد حسین کاظمی مرتضیٰ یک سید مرتضیٰ حسین شاہ اور دیگر سے بات چیت کرتے ہوئے والے علاقوں کی ترقی پارٹیوں کو معاوضہ ادا کیا جائے

لوگوں کی قوت مزید پہلے سے بھی کم کر دی ہے۔ حکومت کو اب تک سمجھ آجانی چاہیے کہ عام لوگوں کے مسائل کو جموں و کشمیر پیپلز پارٹی سید محمد حسین کاظمی مرتضیٰ یک سید مرتضیٰ حسین شاہ اور دیگر سے بات چیت کرتے ہوئے والے علاقوں کی ترقی پارٹیوں کو معاوضہ ادا کیا جائے

لوگوں کی قوت مزید پہلے سے بھی کم کر دی ہے۔ حکومت کو اب تک سمجھ آجانی چاہیے کہ عام لوگوں کے مسائل کو جموں و کشمیر پیپلز پارٹی سید محمد حسین کاظمی مرتضیٰ یک

لوگوں کی قوت مزید پہلے سے بھی کم کر دی ہے۔ حکومت کو اب تک سمجھ آجانی چاہیے کہ عام لوگوں کے مسائل کو جموں و کشمیر پیپلز پارٹی سید محمد حسین کاظمی مرتضیٰ یک سید مرتضیٰ حسین شاہ اور دیگر سے بات چیت کرتے ہوئے والے علاقوں کی ترقی پارٹیوں کو معاوضہ ادا کیا جائے

لوگوں کی قوت مزید پہلے سے بھی کم کر دی ہے۔ حکومت کو اب تک سمجھ آجانی چاہیے کہ عام لوگوں کے مسائل کو جموں و کشمیر پیپلز پارٹی سید محمد حسین کاظمی مرتضیٰ یک

72	بقیہ
73	بقیہ

لوگوں کی قوت مزید پہلے سے بھی کم کر دی ہے۔ حکومت کو اب تک سمجھ آجانی چاہیے کہ عام لوگوں کے مسائل کو جموں و کشمیر پیپلز پارٹی سید محمد حسین کاظمی مرتضیٰ یک سید مرتضیٰ حسین شاہ اور دیگر سے بات چیت کرتے ہوئے والے علاقوں کی ترقی پارٹیوں کو معاوضہ ادا کیا جائے

لوگوں کی قوت مزید پہلے سے بھی کم کر دی ہے۔ حکومت کو اب تک سمجھ آجانی چاہیے کہ عام لوگوں کے مسائل کو جموں و کشمیر پیپلز پارٹی

لوگوں کی قوت مزید پہلے سے بھی کم کر دی ہے۔ حکومت کو اب تک

لوگوں کی قوت مزید پہلے سے بھی کم کر دی ہے۔ حکومت کو اب تک سمجھ آجانی چاہیے کہ عام لوگوں کے مسائل کو جموں و کشمیر پیپلز پارٹی سید محمد حسین کاظمی مرتضیٰ یک سید مرتضیٰ حسین شاہ اور دیگر سے بات چیت کرتے ہوئے والے علاقوں کی ترقی پارٹیوں کو معاوضہ ادا کیا جائے

لوگوں کی قوت مزید پہلے سے بھی کم کر دی ہے۔ حکومت کو اب تک سمجھ آجانی چاہیے کہ عام لوگوں کے مسائل کو جموں و کشمیر پیپلز پارٹی سید محمد حسین کاظمی مرتضیٰ یک سید مرتضیٰ حسین شاہ اور دیگر سے بات چیت کرتے ہوئے والے علاقوں کی ترقی پارٹیوں کو معاوضہ ادا کیا جائے

لوگوں کی قوت مزید پہلے سے بھی کم کر دی ہے۔ حکومت کو اب تک سمجھ آجانی چاہیے کہ عام لوگوں کے مسائل کو جموں و کشمیر پیپلز پارٹی سید محمد حسین کاظمی مرتضیٰ یک سید مرتضیٰ حسین شاہ اور دیگر سے بات چیت کرتے ہوئے والے علاقوں کی ترقی پارٹیوں کو معاوضہ ادا کیا جائے

لوگوں کی قوت مزید پہلے سے بھی کم کر دی ہے۔ حکومت کو اب تک سمجھ آجانی چاہیے کہ عام لوگوں کے مسائل کو جموں و کشمیر پیپلز پارٹی سید محمد حسین کاظمی مرتضیٰ یک سید مرتضیٰ حسین شاہ اور دیگر سے بات چیت کرتے ہوئے والے علاقوں کی ترقی پارٹیوں کو معاوضہ ادا کیا جائے

لوگوں کی قوت مزید پہلے سے بھی کم کر دی ہے۔ حکومت کو اب تک سمجھ آجانی چاہیے کہ عام لوگوں کے مسائل کو جموں و کشمیر پیپلز پارٹی سید محمد حسین کاظمی مرتضیٰ یک سید مرتضیٰ حسین شاہ اور دیگر سے بات چیت کرتے ہوئے والے علاقوں کی

لوگوں کی قوت مزید پہلے سے بھی کم کر دی ہے۔ حکومت کو اب تک سمجھ آجانی چاہیے کہ عام لوگوں کے مسائل کو جموں و کشمیر پیپلز پارٹی سید محمد حسین کاظمی مرتضیٰ یک سید مرتضیٰ حسین شاہ اور دیگر سے بات چیت کرتے ہوئے والے علاقوں کی ترقی پارٹیوں کو معاوضہ ادا کیا جائے

لوگوں کی قوت مزید پہلے سے بھی کم کر دی ہے۔ حکومت کو اب تک سمجھ آجانی چاہیے کہ عام لوگوں کے مسائل کو جموں و کشمیر پیپلز پارٹی سید محمد حسین کاظمی مرتضیٰ یک سید مرتضیٰ حسین شاہ اور دیگر سے بات چیت کرتے ہوئے والے علاقوں کی ترقی پارٹیوں کو معاوضہ ادا کیا جائے

لوگوں کی قوت مزید پہلے سے بھی کم کر دی ہے۔ حکومت کو اب تک سمجھ آجانی چاہیے کہ عام لوگوں کے

لوگوں کی قوت مزید پہلے سے بھی کم کر دی ہے۔ حکومت کو اب تک سمجھ آجانی چاہیے کہ عام لوگوں کے مسائل کو جموں و کشمیر پیپلز پارٹی سید محمد حسین کاظمی مرتضیٰ یک سید مرتضیٰ حسین شاہ اور دیگر سے بات چیت کرتے ہوئے والے علاقوں کی ترقی پارٹیوں کو معاوضہ ادا کیا جائے

لوگوں کی قوت مزید پہلے سے بھی کم کر دی ہے۔ حکومت کو اب تک سمجھ آجانی چاہیے کہ عام لوگوں کے مسائل کو جموں و کشمیر پیپلز پارٹی سید محمد حسین کاظمی مرتضیٰ یک سید مرتضیٰ حسین شاہ اور دیگر سے بات چیت کرتے ہوئے والے علاقوں کی ترقی پارٹیوں کو معاوضہ ادا کیا جائے

لوگوں کی قوت مزید پہلے سے بھی

لوگوں کی قوت مزید پہلے سے بھی کم کر دی ہے۔ حکومت کو اب تک سمجھ آجانی چاہیے کہ عام لوگوں کے مسائل کو جموں و کشمیر پیپلز پارٹی سید محمد حسین کاظمی مرتضیٰ یک سید مرتضیٰ حسین شاہ اور دیگر سے بات چیت کرتے ہوئے والے علاقوں کی ترقی پارٹیوں کو معاوضہ ادا کیا جائے

لوگوں کی قوت مزید پہلے سے بھی کم کر دی ہے۔ حکومت کو اب تک سمجھ آجانی چاہیے کہ عام لوگوں کے مسائل کو جموں و کشمیر پیپلز پارٹی سید محمد حسین کاظمی مرتضیٰ یک سید مرتضیٰ حسین شاہ اور دیگر سے بات چیت کرتے ہوئے والے علاقوں کی

لوگوں کی قوت مزید پہلے سے بھی کم کر دی ہے۔ حکومت کو اب تک سمجھ آجانی چاہیے کہ عام لوگوں کے مسائل کو جموں و کشمیر پیپلز پارٹی سید محمد حسین کاظمی مرتضیٰ یک سید مرتضیٰ حسین شاہ اور دیگر سے بات چیت کرتے ہوئے والے علاقوں کی ترقی پارٹیوں کو معاوضہ ادا کیا جائے

لوگوں کی قوت مزید پہلے سے بھی کم کر دی ہے۔ حکومت کو اب تک سمجھ آجانی چاہیے کہ عام لوگوں کے مسائل کو جموں و کشمیر پیپلز پارٹی سید محمد حسین کاظمی مرتضیٰ یک سید مرتضیٰ حسین شاہ اور دیگر سے بات چیت کرتے ہوئے والے علاقوں کی ترقی پارٹیوں کو معاوضہ ادا کیا جائے

لوگوں کی قوت مزید پہلے سے بھی کم کر دی ہے۔ حکومت کو اب تک سمجھ آجانی چاہیے کہ عام لوگوں کے مسائل کو جموں و کشمیر پیپلز پارٹی سید محمد حسین کاظمی مرتضیٰ یک سید مرتضیٰ حسین شاہ اور دیگر سے بات چیت کرتے ہوئے والے علاقوں کی ترقی پارٹیوں کو معاوضہ ادا کیا جائے

لوگوں کی قوت مزید پہلے سے بھی کم کر دی ہے۔ حکومت کو اب تک سمجھ آجانی چاہیے کہ عام لوگوں کے

74	بقیہ
75	بقیہ
76	بقیہ
77	بقیہ
78	بقیہ
79	بقیہ

لوگوں کی قوت مزید پہلے سے بھی کم کر دی ہے۔ حکومت کو اب تک سمجھ آجانی چاہیے کہ عام لوگوں کے

لوگوں کی قوت مزید پہلے سے بھی کم کر دی ہے۔ حکومت کو اب تک سمجھ آجانی چاہیے کہ عام لوگوں کے مسائل کو جموں و کشمیر پیپلز پارٹی سید محمد حسین کاظمی مرتضیٰ یک سید مرتضیٰ حسین شاہ اور دیگر سے بات چیت کرتے ہوئے والے علاقوں کی ترقی پارٹیوں کو معاوضہ ادا کیا جائے

لوگوں کی قوت مزید پہلے سے بھی کم کر دی ہے۔ حکومت کو اب تک سمجھ آجانی چاہیے کہ عام لوگوں کے مسائل کو جموں و کشمیر پیپلز پارٹی سید محمد حسین کاظمی مرتضیٰ یک سید مرتضیٰ حسین شاہ اور دیگر سے بات چیت کرتے ہوئے والے علاقوں کی ترقی پارٹیوں کو معاوضہ ادا کیا جائے

لوگوں کی قوت مزید پہلے سے بھی کم کر دی ہے۔ حکومت کو اب تک سمجھ آجانی چاہیے کہ عام لوگوں کے مسائل کو جموں و کشمیر پیپلز پارٹی سید محمد حسین کاظمی مرتضیٰ یک سید مرتضیٰ حسین شاہ اور دیگر سے بات چیت کرتے ہوئے والے علاقوں کی ترقی پارٹیوں کو معاوضہ ادا کیا جائے

لوگوں کی قوت مزید پہلے سے بھی کم کر دی ہے۔ حکومت کو اب تک سمجھ آجانی چاہیے کہ عام لوگوں کے مسائل کو جموں و کشمیر پیپلز پارٹی سید محمد حسین کاظمی مرتضیٰ یک سید مرتضیٰ حسین شاہ اور دیگر سے بات چیت کرتے ہوئے والے علاقوں کی ترقی پارٹیوں کو معاوضہ ادا کیا جائے

لوگوں کی قوت مزید پہلے سے بھی کم کر دی ہے۔ حکومت کو اب تک سمجھ آجانی چاہیے کہ عام لوگوں کے مسائل کو جموں و کشمیر پیپلز پارٹی سید محمد حسین کاظمی مرتضیٰ یک سید مرتضیٰ حسین شاہ اور دیگر سے بات چیت کرتے ہوئے والے علاقوں کی ترقی پارٹیوں کو معاوضہ ادا کیا جائے

لوگوں کی قوت مزید پہلے سے بھی کم کر دی ہے۔ حکومت کو اب تک سمجھ آجانی چاہیے کہ عام لوگوں کے مسائل کو جموں و کشمیر پیپلز پارٹی سید محمد حسین کاظمی مرتضیٰ یک سید مرتضیٰ حسین شاہ اور دیگر سے بات چیت کرتے ہوئے والے علاقوں کی ترقی پارٹیوں کو معاوضہ ادا کیا جائے

لوگوں کی قوت مزید پہلے سے بھی کم کر دی ہے۔ حکومت کو اب تک سمجھ آجانی چاہیے کہ عام لوگوں کے مسائل کو جموں و کشمیر پیپلز پارٹی سید محمد حسین کاظمی مرتضیٰ یک سید مرتضیٰ حسین شاہ اور دیگر سے بات چیت کرتے ہوئے والے علاقوں کی ترقی پارٹیوں کو معاوضہ ادا کیا جائے

لوگوں کی قوت مزید پہلے سے بھی کم کر دی ہے۔ حکومت کو اب تک سمجھ آجانی چاہیے کہ عام لوگوں کے مسائل کو جموں و کشمیر پیپلز پارٹی سید محمد حسین کاظمی مرتضیٰ یک سید مرتضیٰ حسین شاہ اور دیگر سے

لوگوں کی قوت مزید پہلے سے بھی کم کر دی ہے۔ حکومت کو اب تک سمجھ آجانی چاہیے کہ عام لوگوں کے مسائل کو جموں و کشمیر پیپلز پارٹی سید محمد حسین کاظمی مرتضیٰ یک سید مرتضیٰ حسین شاہ اور دیگر سے بات چیت کرتے ہوئے والے علاقوں کی ترقی پارٹیوں کو معاوضہ ادا کیا جائے

لوگوں کی قوت مزید پہلے سے بھی کم کر دی ہے۔ حکومت کو اب تک سمجھ آجانی چاہیے کہ عام لوگوں کے مسائل کو جموں و کشمیر پیپلز پارٹی سید محمد حسین کاظمی مرتضیٰ یک سید مرتضیٰ حسین شاہ اور دیگر سے بات چیت کرتے ہوئے والے علاقوں کی ترقی پارٹیوں کو معاوضہ ادا کیا جائے

لوگوں کی قوت مزید پہلے سے بھی

لوگوں کی قوت مزید پہلے سے بھی کم کر دی ہے۔ حکومت کو اب تک سمجھ آجانی چاہیے کہ عام لوگوں کے مسائل کو جموں و کشمیر پیپلز پارٹی سید محمد حسین کاظمی مرتضیٰ یک سید مرتضیٰ حسین شاہ اور دیگر سے

لوگوں کی قوت مزید پہلے سے بھی کم کر دی ہے۔ حکومت کو اب تک سمجھ آجانی چاہیے کہ عام لوگوں کے مسائل کو جموں و کشمیر پیپلز پارٹی سید محمد حسین کاظمی مرتضیٰ یک سید مرتضیٰ حسین شاہ اور دیگر سے بات چیت کرتے ہوئے والے علاقوں کی ترقی پارٹیوں کو معاوضہ ادا کیا جائے

لوگوں کی قوت مزید پہلے سے بھی کم کر دی ہے۔ حکومت کو اب تک سمجھ آجانی چاہیے کہ عام لوگوں کے مسائل کو جموں و کشمیر پیپلز پارٹی سید محمد حسین کاظمی مرتضیٰ یک سید مرتضیٰ حسین شاہ اور دیگر سے بات چیت کرتے ہوئے والے علاقوں کی ترقی پارٹیوں کو معاوضہ ادا کیا جائے

لوگوں کی قوت مزید پہلے سے بھی کم کر دی ہے۔ حکومت کو اب تک سمجھ آجانی چاہیے کہ عام لوگوں کے

لوگوں کی قوت مزید پہلے سے بھی کم کر دی ہے۔ حکومت کو اب تک سمجھ آجانی چاہیے کہ عام لوگوں کے مسائل کو جموں و کشمیر پیپلز پارٹی سید محمد حسین کاظمی مرتضیٰ یک سید مرتضیٰ حسین شاہ اور دیگر سے بات چیت کرتے ہوئے والے علاقوں کی ترقی پارٹیوں کو معاوضہ ادا کیا جائے

لوگوں کی قوت مزید پہلے سے بھی کم کر دی ہے۔ حکومت کو اب تک سمجھ آجانی چاہیے کہ عام لوگوں کے مسائل کو جموں و کشمیر پیپلز پارٹی سید محمد حسین کاظمی مرتضیٰ یک سید مرتضیٰ حسین شاہ اور دیگر سے بات چیت کرتے ہوئے والے علاقوں کی ترقی پارٹیوں کو معاوضہ ادا کیا جائے

لوگوں کی قوت مزید پہلے سے بھی کم کر دی ہے۔ حکومت کو اب تک سمجھ آجانی چاہیے کہ عام لوگوں کے مسائل کو جموں و کشمیر پیپلز پارٹی سید محمد حسین کاظمی مرتضیٰ یک سید مرتضیٰ حسین شاہ اور دیگر سے بات چیت کرتے ہوئے والے علاقوں کی ترقی پارٹیوں کو معاوضہ ادا کیا جائے

لوگوں کی قوت مزید پہلے سے بھی

80	بقیہ
81	بقیہ
82	بقیہ
83	بقیہ
84	بقیہ
85	بقیہ
